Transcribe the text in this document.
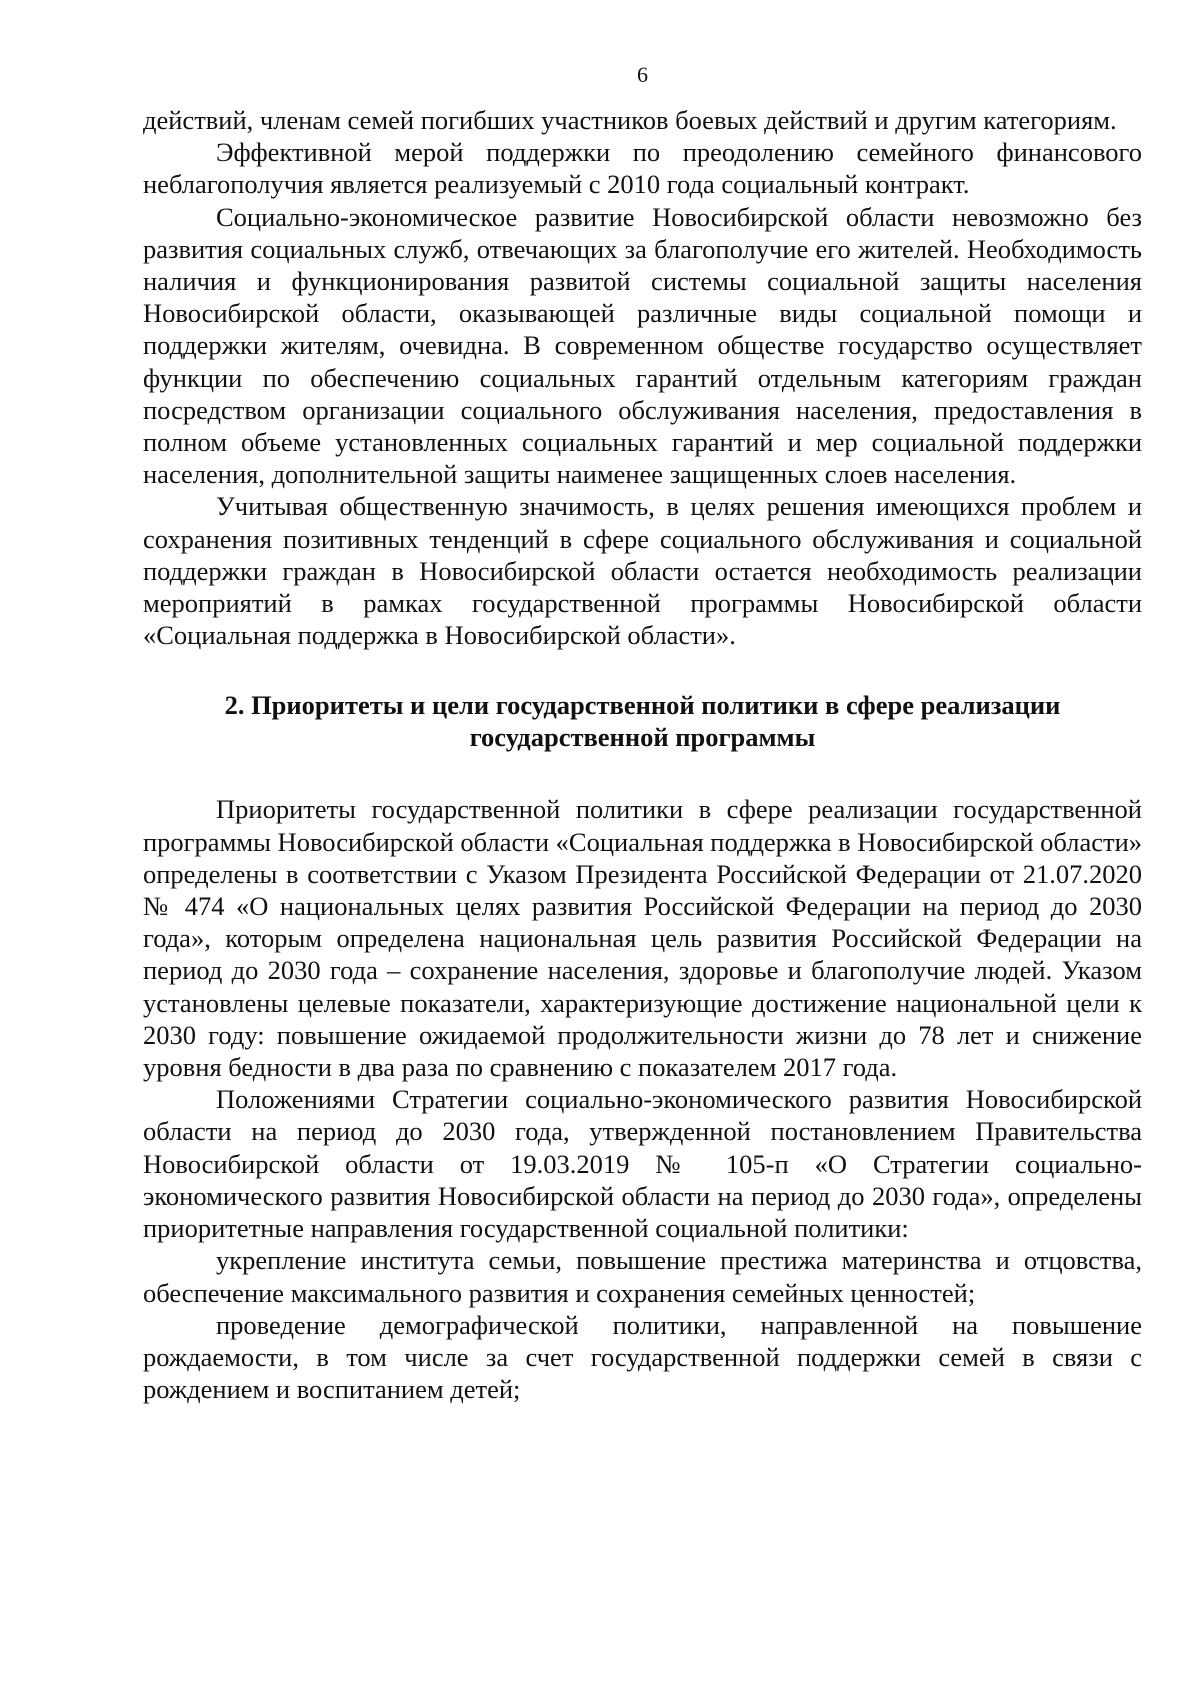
6

действий, членам семей погибших участников боевых действий и другим категориям.

Эффективной мерой поддержки по преодолению семейного финансового неблагополучия является реализуемый с 2010 года социальный контракт.

Социально-экономическое развитие Новосибирской области невозможно без развития социальных служб, отвечающих за благополучие его жителей. Необходимость наличия и функционирования развитой системы социальной защиты населения Новосибирской области, оказывающей различные виды социальной помощи и поддержки жителям, очевидна. В современном обществе государство осуществляет функции по обеспечению социальных гарантий отдельным категориям граждан посредством организации социального обслуживания населения, предоставления в полном объеме установленных социальных гарантий и мер социальной поддержки населения, дополнительной защиты наименее защищенных слоев населения.

Учитывая общественную значимость, в целях решения имеющихся проблем и сохранения позитивных тенденций в сфере социального обслуживания и социальной поддержки граждан в Новосибирской области остается необходимость реализации мероприятий в рамках государственной программы Новосибирской области «Социальная поддержка в Новосибирской области».

2. Приоритеты и цели государственной политики в сфере реализации
государственной программы

Приоритеты государственной политики в сфере реализации государственной программы Новосибирской области «Социальная поддержка в Новосибирской области» определены в соответствии с Указом Президента Российской Федерации от 21.07.2020 № 474 «О национальных целях развития Российской Федерации на период до 2030 года», которым определена национальная цель развития Российской Федерации на период до 2030 года – сохранение населения, здоровье и благополучие людей. Указом установлены целевые показатели, характеризующие достижение национальной цели к 2030 году: повышение ожидаемой продолжительности жизни до 78 лет и снижение уровня бедности в два раза по сравнению с показателем 2017 года.

Положениями Стратегии социально-экономического развития Новосибирской области на период до 2030 года, утвержденной постановлением Правительства Новосибирской области от 19.03.2019 № 105-п «О Стратегии социально-экономического развития Новосибирской области на период до 2030 года», определены приоритетные направления государственной социальной политики:

укрепление института семьи, повышение престижа материнства и отцовства, обеспечение максимального развития и сохранения семейных ценностей;

проведение демографической политики, направленной на повышение рождаемости, в том числе за счет государственной поддержки семей в связи с рождением и воспитанием детей;
